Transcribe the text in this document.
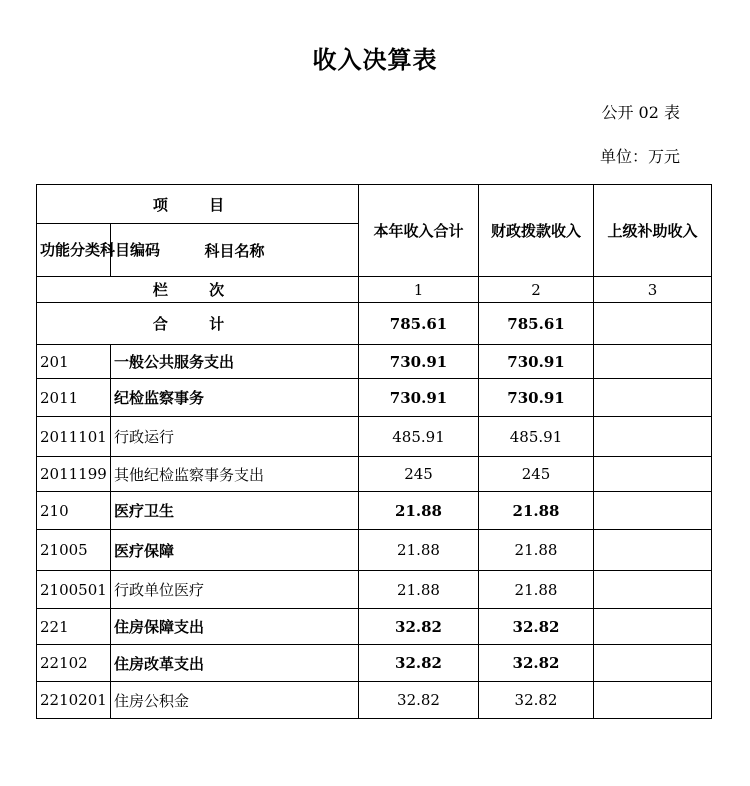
收入决算表
公开 02 表
单位：万元
项 目		本年收入合计	财政拨款收入	上级补助收入
功能分类科目编码	科目名称			
栏 次		1	2	3
合 计		785.61	785.61	
201	一般公共服务支出	730.91	730.91	
2011	纪检监察事务	730.91	730.91	
2011101	行政运行	485.91	485.91	
2011199	其他纪检监察事务支出	245	245	
210	医疗卫生	21.88	21.88	
21005	医疗保障	21.88	21.88	
2100501	行政单位医疗	21.88	21.88	
221	住房保障支出	32.82	32.82	
22102	住房改革支出	32.82	32.82	
2210201	住房公积金	32.82	32.82	
